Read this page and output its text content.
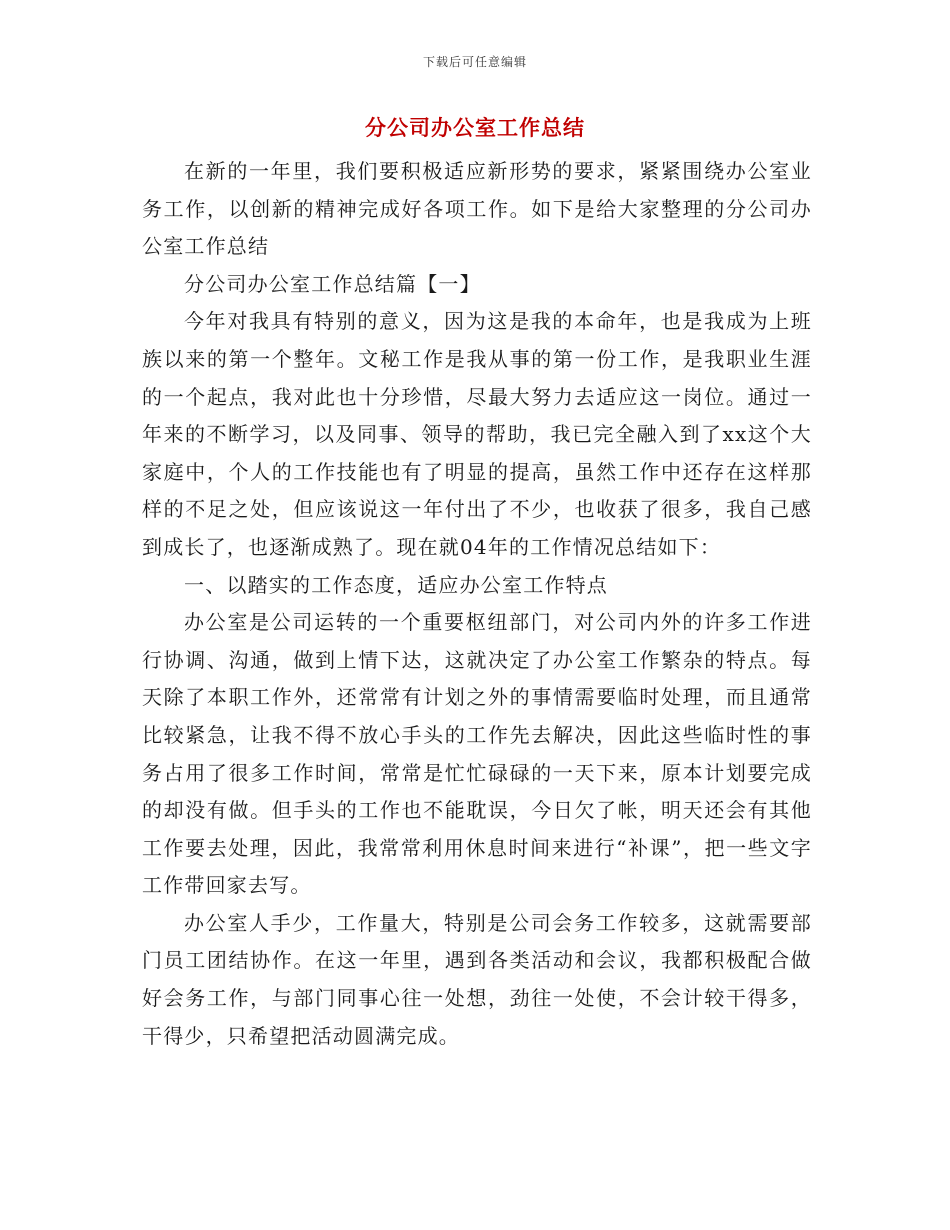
下载后可任意编辑
分公司办公室工作总结

在新的一年里，我们要积极适应新形势的要求，紧紧围绕办公室业务工作，以创新的精神完成好各项工作。如下是给大家整理的分公司办公室工作总结

分公司办公室工作总结篇【一】

今年对我具有特别的意义，因为这是我的本命年，也是我成为上班族以来的第一个整年。文秘工作是我从事的第一份工作，是我职业生涯的一个起点，我对此也十分珍惜，尽最大努力去适应这一岗位。通过一年来的不断学习，以及同事、领导的帮助，我已完全融入到了xx这个大家庭中，个人的工作技能也有了明显的提高，虽然工作中还存在这样那样的不足之处，但应该说这一年付出了不少，也收获了很多，我自己感到成长了，也逐渐成熟了。现在就04年的工作情况总结如下：

一、以踏实的工作态度，适应办公室工作特点

办公室是公司运转的一个重要枢纽部门，对公司内外的许多工作进行协调、沟通，做到上情下达，这就决定了办公室工作繁杂的特点。每天除了本职工作外，还常常有计划之外的事情需要临时处理，而且通常比较紧急，让我不得不放心手头的工作先去解决，因此这些临时性的事务占用了很多工作时间，常常是忙忙碌碌的一天下来，原本计划要完成的却没有做。但手头的工作也不能耽误，今日欠了帐，明天还会有其他工作要去处理，因此，我常常利用休息时间来进行“补课”，把一些文字工作带回家去写。

办公室人手少，工作量大，特别是公司会务工作较多，这就需要部门员工团结协作。在这一年里，遇到各类活动和会议，我都积极配合做好会务工作，与部门同事心往一处想，劲往一处使，不会计较干得多，干得少，只希望把活动圆满完成。
